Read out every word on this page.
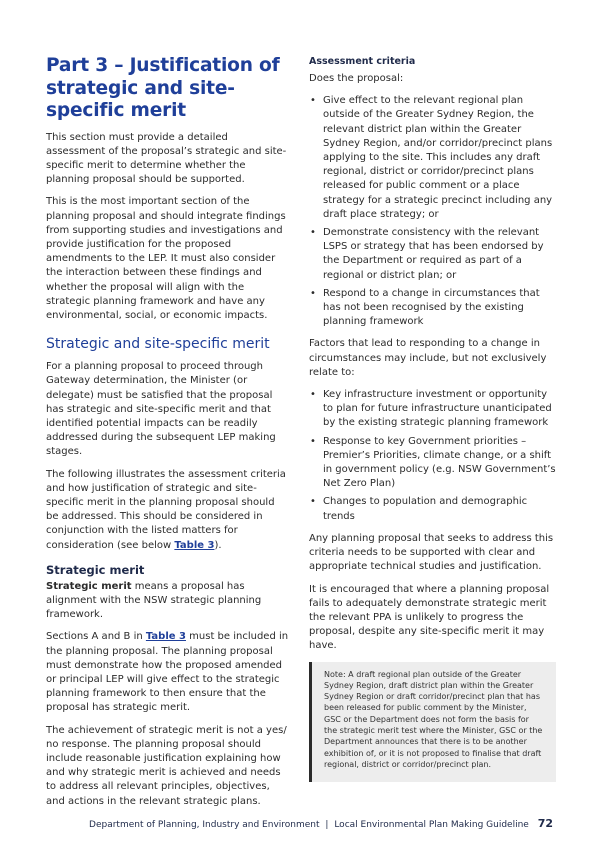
Part 3 – Justification of strategic and site-specific merit

This section must provide a detailed assessment of the proposal’s strategic and site-specific merit to determine whether the planning proposal should be supported.

This is the most important section of the planning proposal and should integrate findings from supporting studies and investigations and provide justification for the proposed amendments to the LEP. It must also consider the interaction between these findings and whether the proposal will align with the strategic planning framework and have any environmental, social, or economic impacts.

Strategic and site-specific merit

For a planning proposal to proceed through Gateway determination, the Minister (or delegate) must be satisfied that the proposal has strategic and site-specific merit and that identified potential impacts can be readily addressed during the subsequent LEP making stages.

The following illustrates the assessment criteria and how justification of strategic and site-specific merit in the planning proposal should be addressed. This should be considered in conjunction with the listed matters for consideration (see below Table 3).

Strategic merit

Strategic merit means a proposal has alignment with the NSW strategic planning framework.

Sections A and B in Table 3 must be included in the planning proposal. The planning proposal must demonstrate how the proposed amended or principal LEP will give effect to the strategic planning framework to then ensure that the proposal has strategic merit.

The achievement of strategic merit is not a yes/ no response. The planning proposal should include reasonable justification explaining how and why strategic merit is achieved and needs to address all relevant principles, objectives, and actions in the relevant strategic plans.

Assessment criteria

Does the proposal:

• Give effect to the relevant regional plan outside of the Greater Sydney Region, the relevant district plan within the Greater Sydney Region, and/or corridor/precinct plans applying to the site. This includes any draft regional, district or corridor/precinct plans released for public comment or a place strategy for a strategic precinct including any draft place strategy; or
• Demonstrate consistency with the relevant LSPS or strategy that has been endorsed by the Department or required as part of a regional or district plan; or
• Respond to a change in circumstances that has not been recognised by the existing planning framework

Factors that lead to responding to a change in circumstances may include, but not exclusively relate to:

• Key infrastructure investment or opportunity to plan for future infrastructure unanticipated by the existing strategic planning framework
• Response to key Government priorities – Premier’s Priorities, climate change, or a shift in government policy (e.g. NSW Government’s Net Zero Plan)
• Changes to population and demographic trends

Any planning proposal that seeks to address this criteria needs to be supported with clear and appropriate technical studies and justification.

It is encouraged that where a planning proposal fails to adequately demonstrate strategic merit the relevant PPA is unlikely to progress the proposal, despite any site-specific merit it may have.

Note: A draft regional plan outside of the Greater Sydney Region, draft district plan within the Greater Sydney Region or draft corridor/precinct plan that has been released for public comment by the Minister, GSC or the Department does not form the basis for the strategic merit test where the Minister, GSC or the Department announces that there is to be another exhibition of, or it is not proposed to finalise that draft regional, district or corridor/precinct plan.

Department of Planning, Industry and Environment | Local Environmental Plan Making Guideline 72
